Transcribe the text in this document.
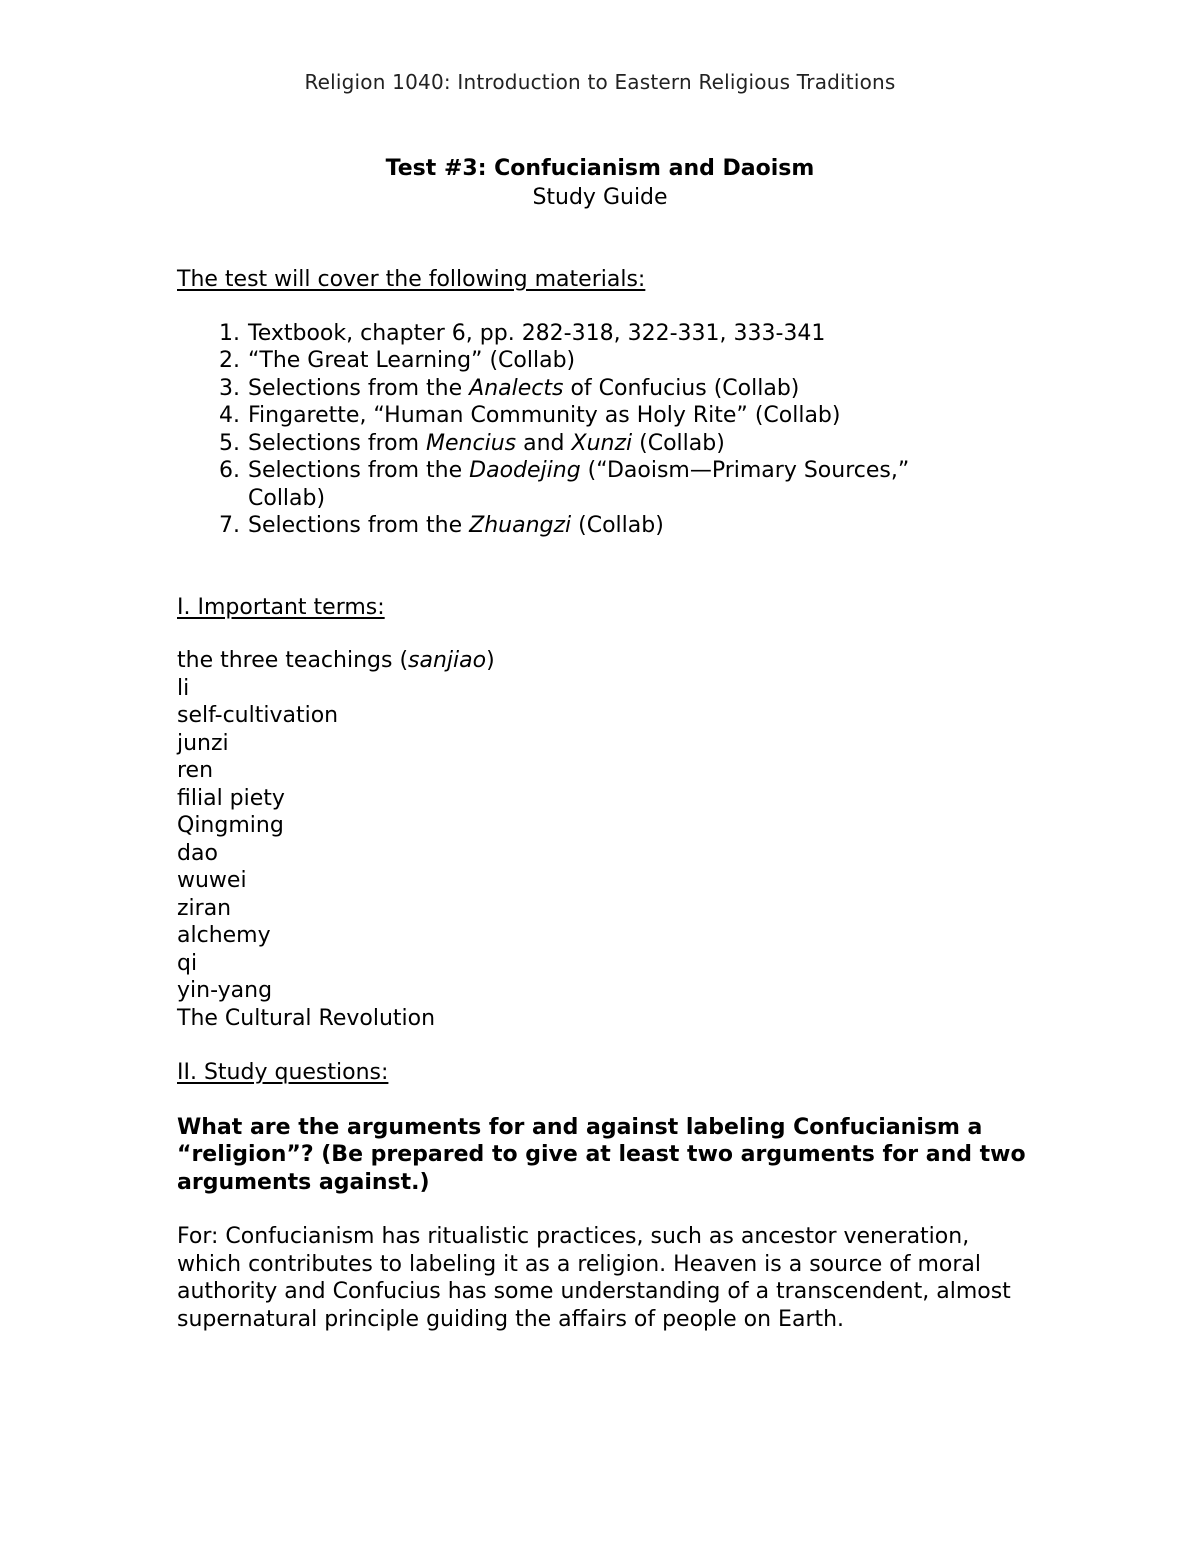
Religion 1040: Introduction to Eastern Religious Traditions
Test #3: Confucianism and Daoism
Study Guide
The test will cover the following materials:
1. Textbook, chapter 6, pp. 282-318, 322-331, 333-341
2. “The Great Learning” (Collab)
3. Selections from the Analects of Confucius (Collab)
4. Fingarette, “Human Community as Holy Rite” (Collab)
5. Selections from Mencius and Xunzi (Collab)
6. Selections from the Daodejing (“Daoism—Primary Sources,” Collab)
7. Selections from the Zhuangzi (Collab)
I. Important terms:
the three teachings (sanjiao)
li
self-cultivation
junzi
ren
filial piety
Qingming
dao
wuwei
ziran
alchemy
qi
yin-yang
The Cultural Revolution
II. Study questions:
What are the arguments for and against labeling Confucianism a “religion”? (Be prepared to give at least two arguments for and two arguments against.)
For: Confucianism has ritualistic practices, such as ancestor veneration, which contributes to labeling it as a religion. Heaven is a source of moral authority and Confucius has some understanding of a transcendent, almost supernatural principle guiding the affairs of people on Earth.
